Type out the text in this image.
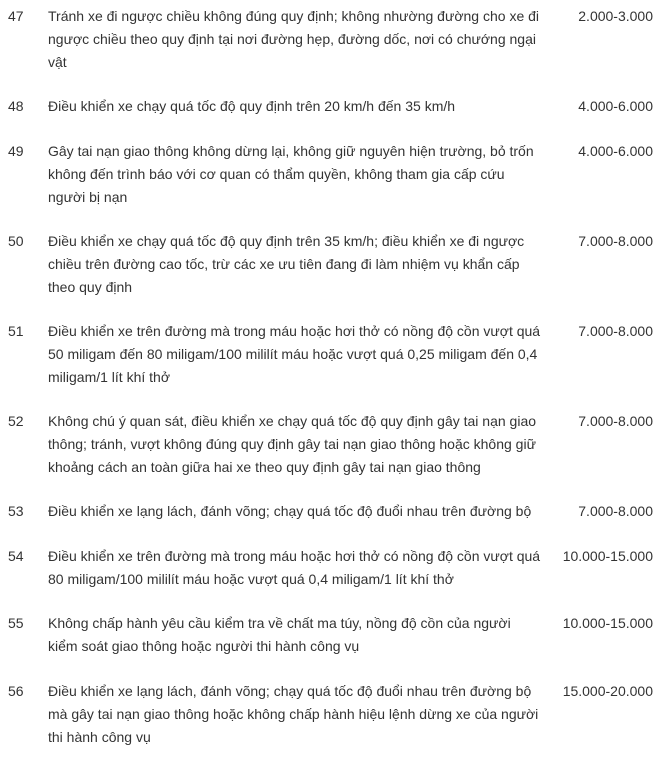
47 Tránh xe đi ngược chiều không đúng quy định; không nhường đường cho xe đi
ngược chiều theo quy định tại nơi đường hẹp, đường dốc, nơi có chướng ngại
vật
2.000-3.000
48 Điều khiển xe chạy quá tốc độ quy định trên 20 km/h đến 35 km/h	4.000-6.000
49 Gây tai nạn giao thông không dừng lại, không giữ nguyên hiện trường, bỏ trốn
không đến trình báo với cơ quan có thẩm quyền, không tham gia cấp cứu
người bị nạn
4.000-6.000
50 Điều khiển xe chạy quá tốc độ quy định trên 35 km/h; điều khiển xe đi ngược
chiều trên đường cao tốc, trừ các xe ưu tiên đang đi làm nhiệm vụ khẩn cấp
theo quy định
7.000-8.000
51 Điều khiển xe trên đường mà trong máu hoặc hơi thở có nồng độ cồn vượt quá
50 miligam đến 80 miligam/100 mililít máu hoặc vượt quá 0,25 miligam đến 0,4
miligam/1 lít khí thở
7.000-8.000
52 Không chú ý quan sát, điều khiển xe chạy quá tốc độ quy định gây tai nạn giao
thông; tránh, vượt không đúng quy định gây tai nạn giao thông hoặc không giữ
khoảng cách an toàn giữa hai xe theo quy định gây tai nạn giao thông
7.000-8.000
53 Điều khiển xe lạng lách, đánh võng; chạy quá tốc độ đuổi nhau trên đường bộ	7.000-8.000
54 Điều khiển xe trên đường mà trong máu hoặc hơi thở có nồng độ cồn vượt quá
80 miligam/100 mililít máu hoặc vượt quá 0,4 miligam/1 lít khí thở
10.000-15.000
55 Không chấp hành yêu cầu kiểm tra về chất ma túy, nồng độ cồn của người
kiểm soát giao thông hoặc người thi hành công vụ
10.000-15.000
56 Điều khiển xe lạng lách, đánh võng; chạy quá tốc độ đuổi nhau trên đường bộ
mà gây tai nạn giao thông hoặc không chấp hành hiệu lệnh dừng xe của người
thi hành công vụ
15.000-20.000
